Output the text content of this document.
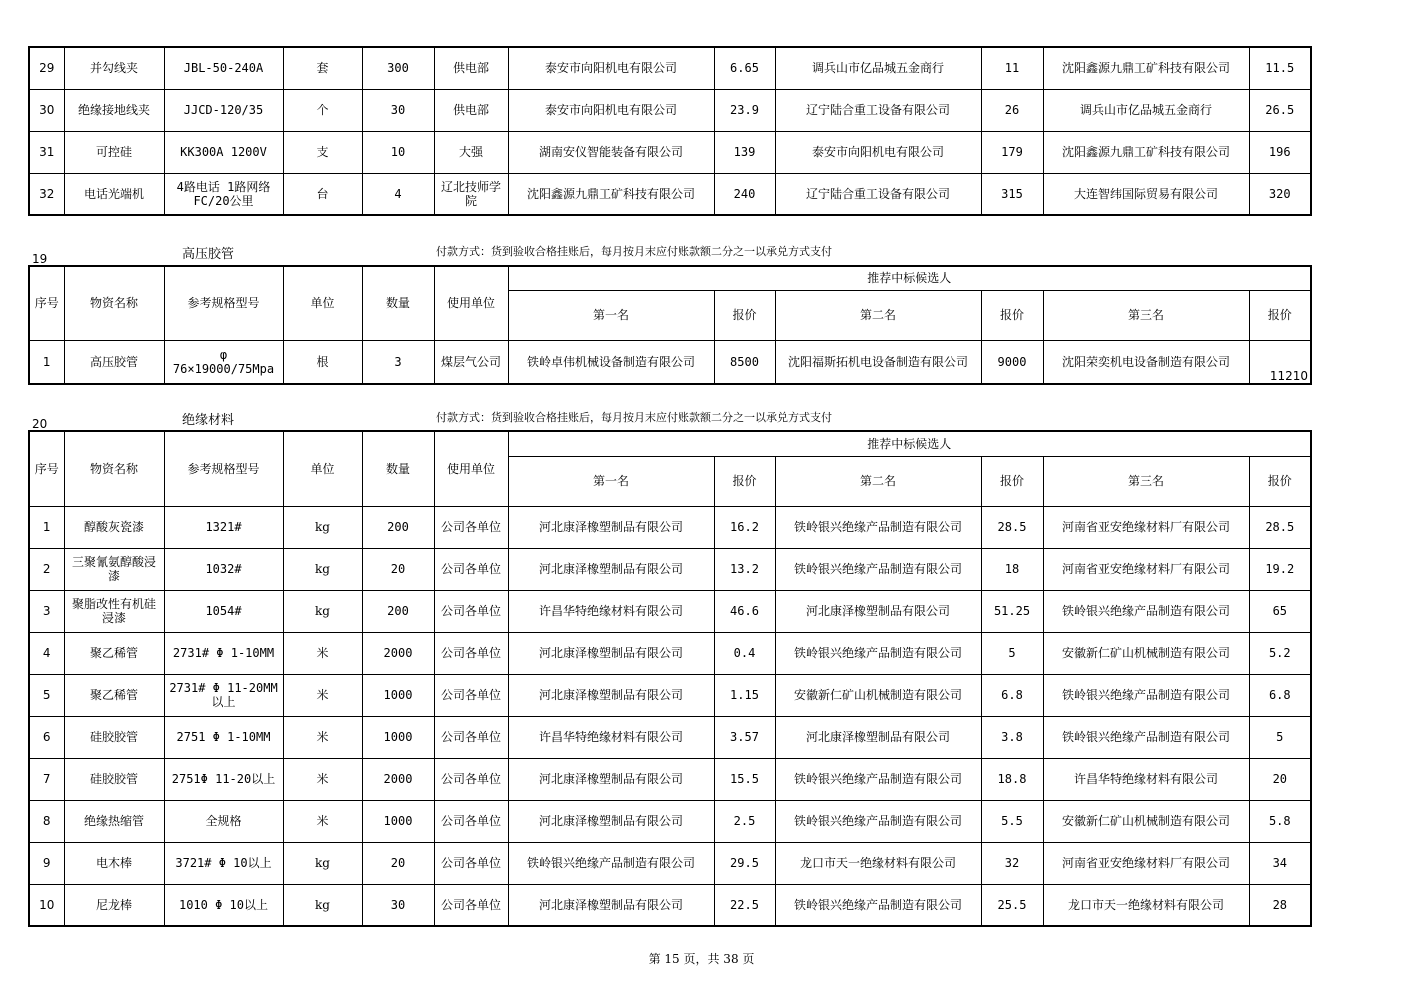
29	并勾线夹	JBL-50-240A	套	300	供电部	泰安市向阳机电有限公司	6.65	调兵山市亿品城五金商行	11	沈阳鑫源九鼎工矿科技有限公司	11.5
30	绝缘接地线夹	JJCD-120/35	个	30	供电部	泰安市向阳机电有限公司	23.9	辽宁陆合重工设备有限公司	26	调兵山市亿品城五金商行	26.5
31	可控硅	KK300A 1200V	支	10	大强	湖南安仪智能装备有限公司	139	泰安市向阳机电有限公司	179	沈阳鑫源九鼎工矿科技有限公司	196
32	电话光端机	4路电话 1路网络FC/20公里	台	4	辽北技师学院	沈阳鑫源九鼎工矿科技有限公司	240	辽宁陆合重工设备有限公司	315	大连智纬国际贸易有限公司	320
19	高压胶管	付款方式：货到验收合格挂账后，每月按月末应付账款额二分之一以承兑方式支付
序号	物资名称	参考规格型号	单位	数量	使用单位	推荐中标候选人					
						第一名	报价	第二名	报价	第三名	报价
1	高压胶管	φ 76×19000/75Mpa	根	3	煤层气公司	铁岭卓伟机械设备制造有限公司	8500	沈阳福斯拓机电设备制造有限公司	9000	沈阳荣奕机电设备制造有限公司	11210
20	绝缘材料	付款方式：货到验收合格挂账后，每月按月末应付账款额二分之一以承兑方式支付
序号	物资名称	参考规格型号	单位	数量	使用单位	推荐中标候选人					
						第一名	报价	第二名	报价	第三名	报价
1	醇酸灰瓷漆	1321#	kg	200	公司各单位	河北康泽橡塑制品有限公司	16.2	铁岭银兴绝缘产品制造有限公司	28.5	河南省亚安绝缘材料厂有限公司	28.5
2	三聚氰氨醇酸浸漆	1032#	kg	20	公司各单位	河北康泽橡塑制品有限公司	13.2	铁岭银兴绝缘产品制造有限公司	18	河南省亚安绝缘材料厂有限公司	19.2
3	聚脂改性有机硅浸漆	1054#	kg	200	公司各单位	许昌华特绝缘材料有限公司	46.6	河北康泽橡塑制品有限公司	51.25	铁岭银兴绝缘产品制造有限公司	65
4	聚乙稀管	2731# Φ 1-10MM	米	2000	公司各单位	河北康泽橡塑制品有限公司	0.4	铁岭银兴绝缘产品制造有限公司	5	安徽新仁矿山机械制造有限公司	5.2
5	聚乙稀管	2731# Φ 11-20MM以上	米	1000	公司各单位	河北康泽橡塑制品有限公司	1.15	安徽新仁矿山机械制造有限公司	6.8	铁岭银兴绝缘产品制造有限公司	6.8
6	硅胶胶管	2751 Φ 1-10MM	米	1000	公司各单位	许昌华特绝缘材料有限公司	3.57	河北康泽橡塑制品有限公司	3.8	铁岭银兴绝缘产品制造有限公司	5
7	硅胶胶管	2751Φ 11-20以上	米	2000	公司各单位	河北康泽橡塑制品有限公司	15.5	铁岭银兴绝缘产品制造有限公司	18.8	许昌华特绝缘材料有限公司	20
8	绝缘热缩管	全规格	米	1000	公司各单位	河北康泽橡塑制品有限公司	2.5	铁岭银兴绝缘产品制造有限公司	5.5	安徽新仁矿山机械制造有限公司	5.8
9	电木棒	3721# Φ 10以上	kg	20	公司各单位	铁岭银兴绝缘产品制造有限公司	29.5	龙口市天一绝缘材料有限公司	32	河南省亚安绝缘材料厂有限公司	34
10	尼龙棒	1010 Φ 10以上	kg	30	公司各单位	河北康泽橡塑制品有限公司	22.5	铁岭银兴绝缘产品制造有限公司	25.5	龙口市天一绝缘材料有限公司	28
第 15 页，共 38 页
